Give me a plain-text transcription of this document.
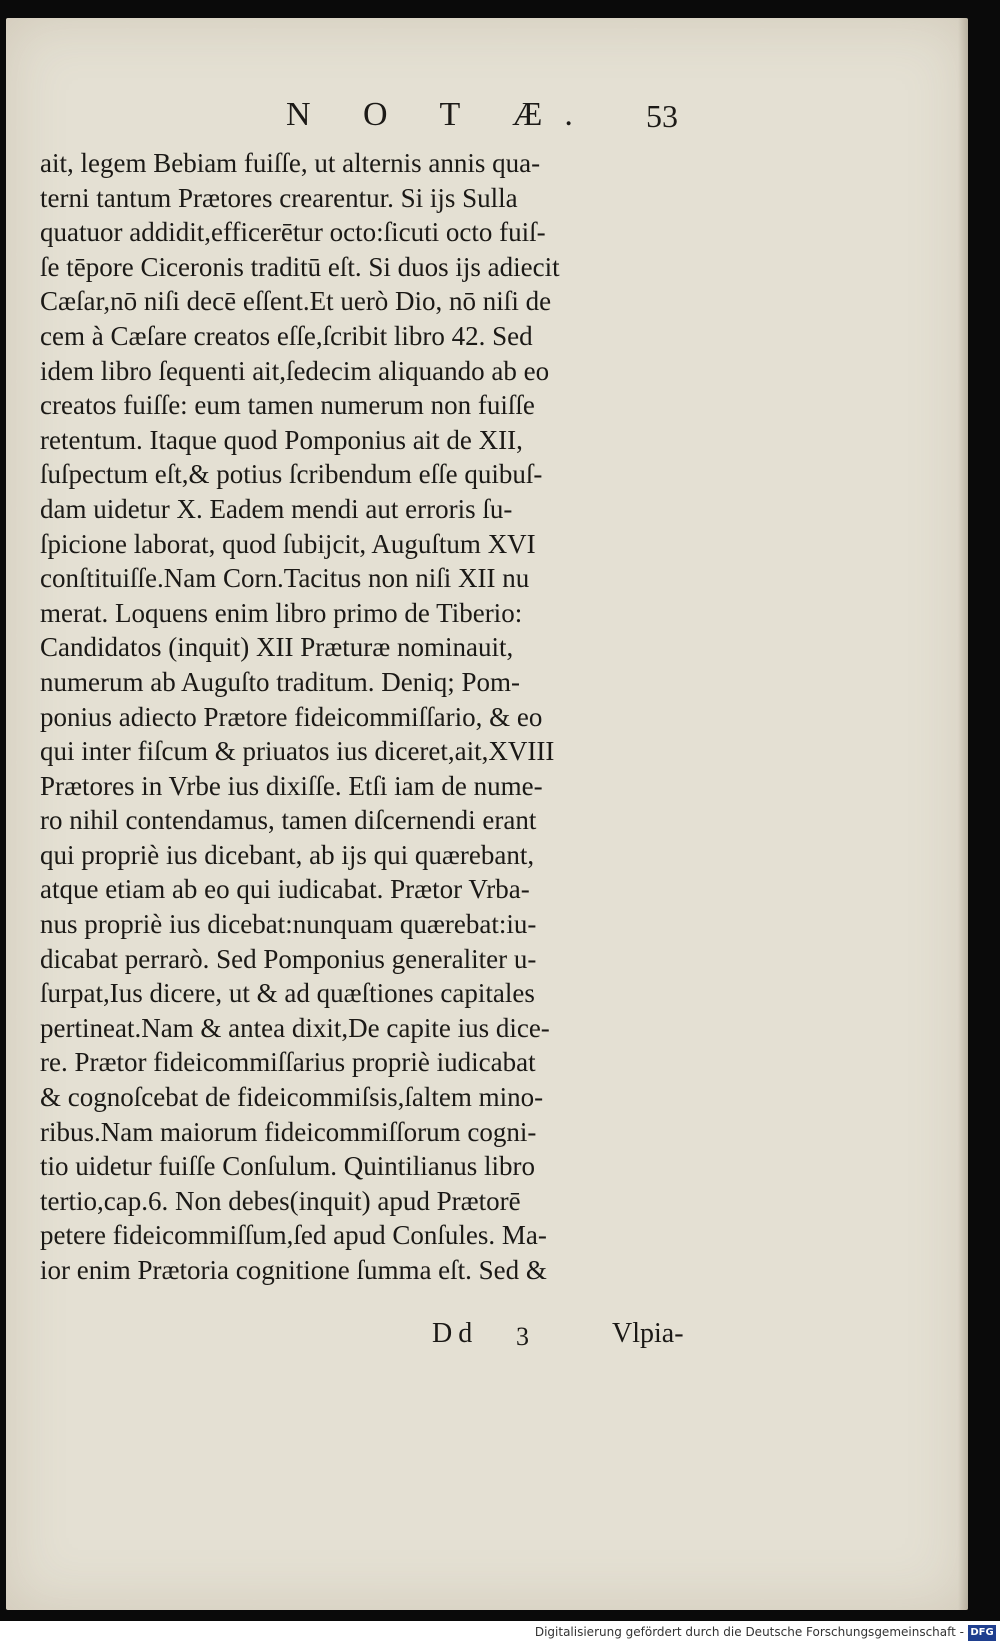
N O T Æ. 53
ait, legem Bebiam fuiſſe, ut alternis annis qua-
terni tantum Prætores crearentur. Si ijs Sulla
quatuor addidit,efficerētur octo:ſicuti octo fuiſ-
ſe tēpore Ciceronis traditū eſt. Si duos ijs adiecit
Cæſar,nō niſi decē eſſent.Et uerò Dio, nō niſi de
cem à Cæſare creatos eſſe,ſcribit libro 42. Sed
idem libro ſequenti ait,ſedecim aliquando ab eo
creatos fuiſſe: eum tamen numerum non fuiſſe
retentum. Itaque quod Pomponius ait de XII,
ſuſpectum eſt,& potius ſcribendum eſſe quibuſ-
dam uidetur X. Eadem mendi aut erroris ſu-
ſpicione laborat, quod ſubijcit, Auguſtum XVI
conſtituiſſe.Nam Corn.Tacitus non niſi XII nu
merat. Loquens enim libro primo de Tiberio:
Candidatos (inquit) XII Præturæ nominauit,
numerum ab Auguſto traditum. Deniq; Pom-
ponius adiecto Prætore fideicommiſſario, & eo
qui inter fiſcum & priuatos ius diceret,ait,XVIII
Prætores in Vrbe ius dixiſſe. Etſi iam de nume-
ro nihil contendamus, tamen diſcernendi erant
qui propriè ius dicebant, ab ijs qui quærebant,
atque etiam ab eo qui iudicabat. Prætor Vrba-
nus propriè ius dicebat:nunquam quærebat:iu-
dicabat perrarò. Sed Pomponius generaliter u-
ſurpat,Ius dicere, ut & ad quæſtiones capitales
pertineat.Nam & antea dixit,De capite ius dice-
re. Prætor fideicommiſſarius propriè iudicabat
& cognoſcebat de fideicommiſsis,ſaltem mino-
ribus.Nam maiorum fideicommiſſorum cogni-
tio uidetur fuiſſe Conſulum. Quintilianus libro
tertio,cap.6. Non debes(inquit) apud Prætorē
petere fideicommiſſum,ſed apud Conſules. Ma-
ior enim Prætoria cognitione ſumma eſt. Sed &
Dd 3	Vlpia-
Digitalisierung gefördert durch die Deutsche Forschungsgemeinschaft - DFG
